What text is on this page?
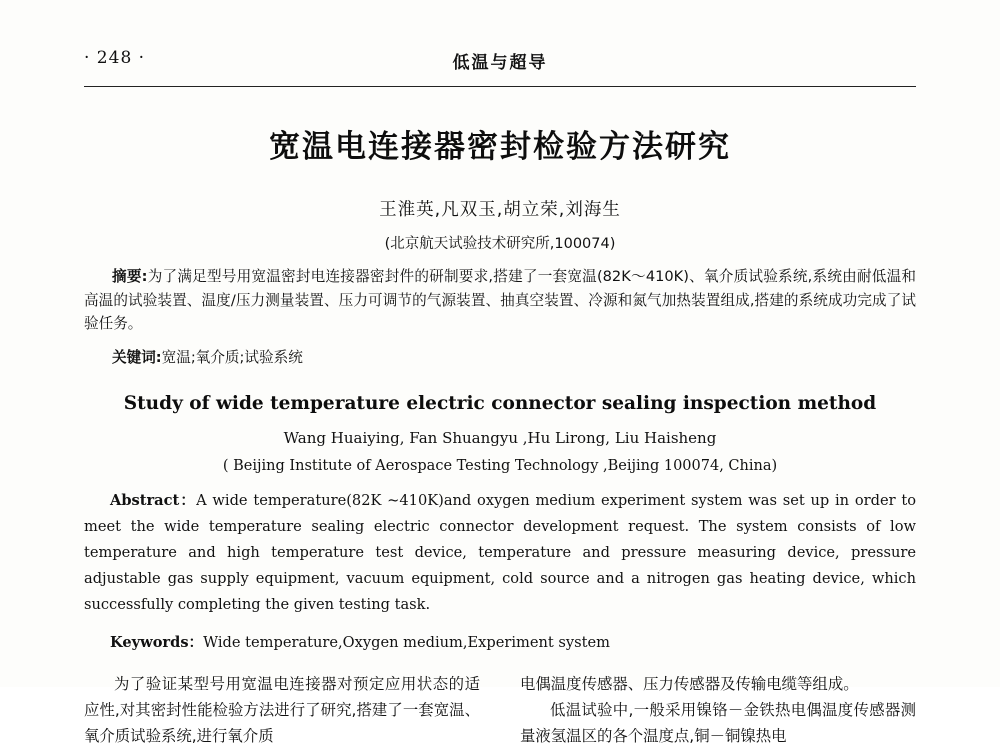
· 248 ·	低温与超导
宽温电连接器密封检验方法研究
王淮英,凡双玉,胡立荣,刘海生
(北京航天试验技术研究所,100074)

摘要:为了满足型号用宽温密封电连接器密封件的研制要求,搭建了一套宽温(82K～410K)、氧介质试验系统,系统由耐低温和高温的试验装置、温度/压力测量装置、压力可调节的气源装置、抽真空装置、冷源和氮气加热装置组成,搭建的系统成功完成了试验任务。

关键词:宽温;氧介质;试验系统
Study of wide temperature electric connector sealing inspection method
Wang Huaiying, Fan Shuangyu ,Hu Lirong, Liu Haisheng
( Beijing Institute of Aerospace Testing Technology ,Beijing 100074, China)

Abstract：A wide temperature(82K ~410K)and oxygen medium experiment system was set up in order to meet the wide temperature sealing electric connector development request. The system consists of low temperature and high temperature test device, temperature and pressure measuring device, pressure adjustable gas supply equipment, vacuum equipment, cold source and a nitrogen gas heating device, which successfully completing the given testing task.

Keywords：Wide temperature,Oxygen medium,Experiment system

为了验证某型号用宽温电连接器对预定应用状态的适应性,对其密封性能检验方法进行了研究,搭建了一套宽温、氧介质试验系统,进行氧介质

电偶温度传感器、压力传感器及传输电缆等组成。

低温试验中,一般采用镍铬－金铁热电偶温度传感器测量液氢温区的各个温度点,铜－铜镍热电
